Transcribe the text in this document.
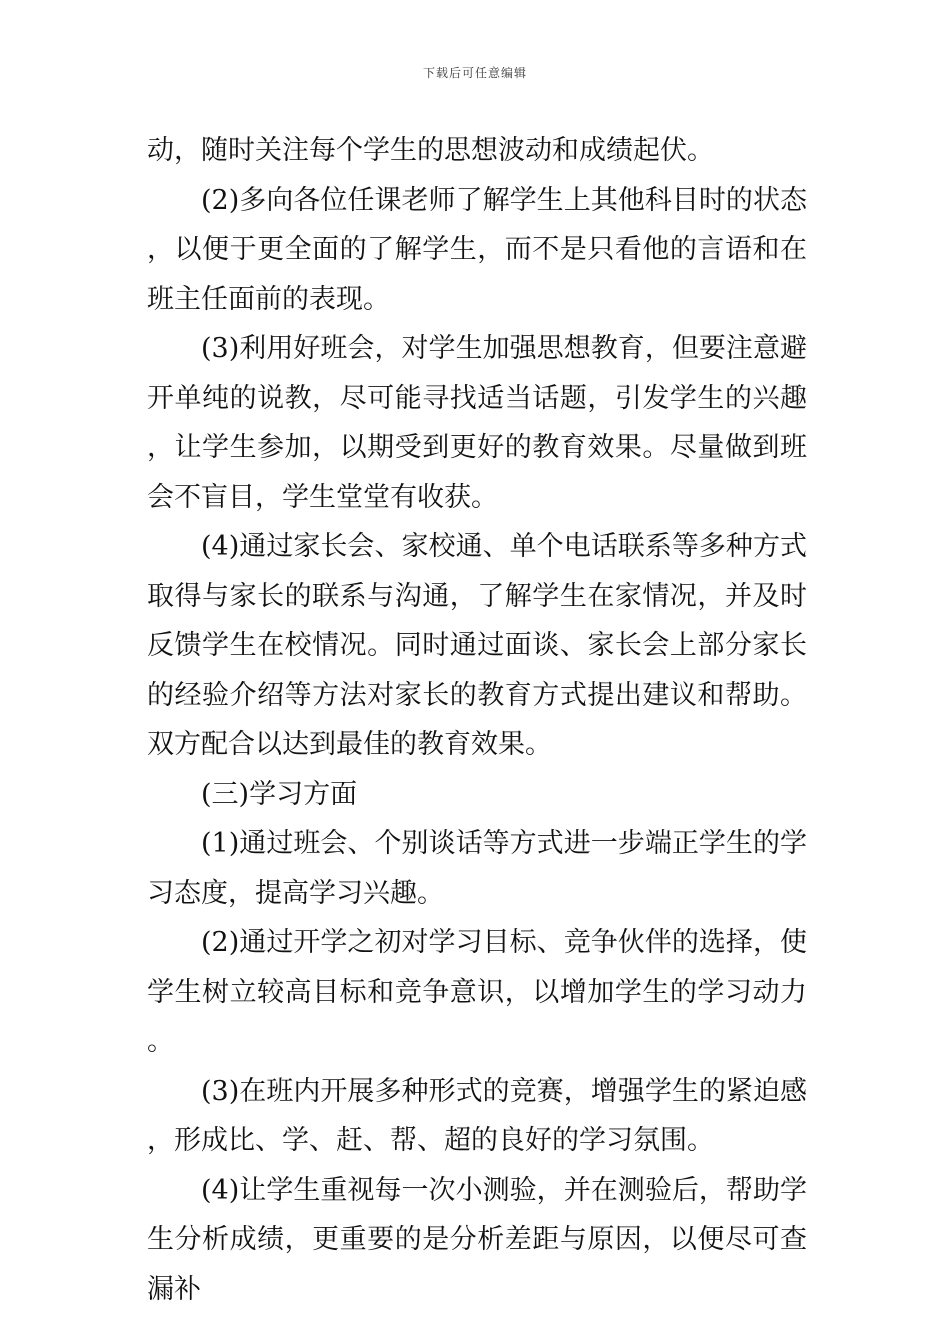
下载后可任意编辑

动，随时关注每个学生的思想波动和成绩起伏。

(2)多向各位任课老师了解学生上其他科目时的状态，以便于更全面的了解学生，而不是只看他的言语和在班主任面前的表现。

(3)利用好班会，对学生加强思想教育，但要注意避开单纯的说教，尽可能寻找适当话题，引发学生的兴趣，让学生参加，以期受到更好的教育效果。尽量做到班会不盲目，学生堂堂有收获。

(4)通过家长会、家校通、单个电话联系等多种方式取得与家长的联系与沟通，了解学生在家情况，并及时反馈学生在校情况。同时通过面谈、家长会上部分家长的经验介绍等方法对家长的教育方式提出建议和帮助。双方配合以达到最佳的教育效果。

(三)学习方面

(1)通过班会、个别谈话等方式进一步端正学生的学习态度，提高学习兴趣。

(2)通过开学之初对学习目标、竞争伙伴的选择，使学生树立较高目标和竞争意识，以增加学生的学习动力。

(3)在班内开展多种形式的竞赛，增强学生的紧迫感，形成比、学、赶、帮、超的良好的学习氛围。

(4)让学生重视每一次小测验，并在测验后，帮助学生分析成绩，更重要的是分析差距与原因，以便尽可查漏补
